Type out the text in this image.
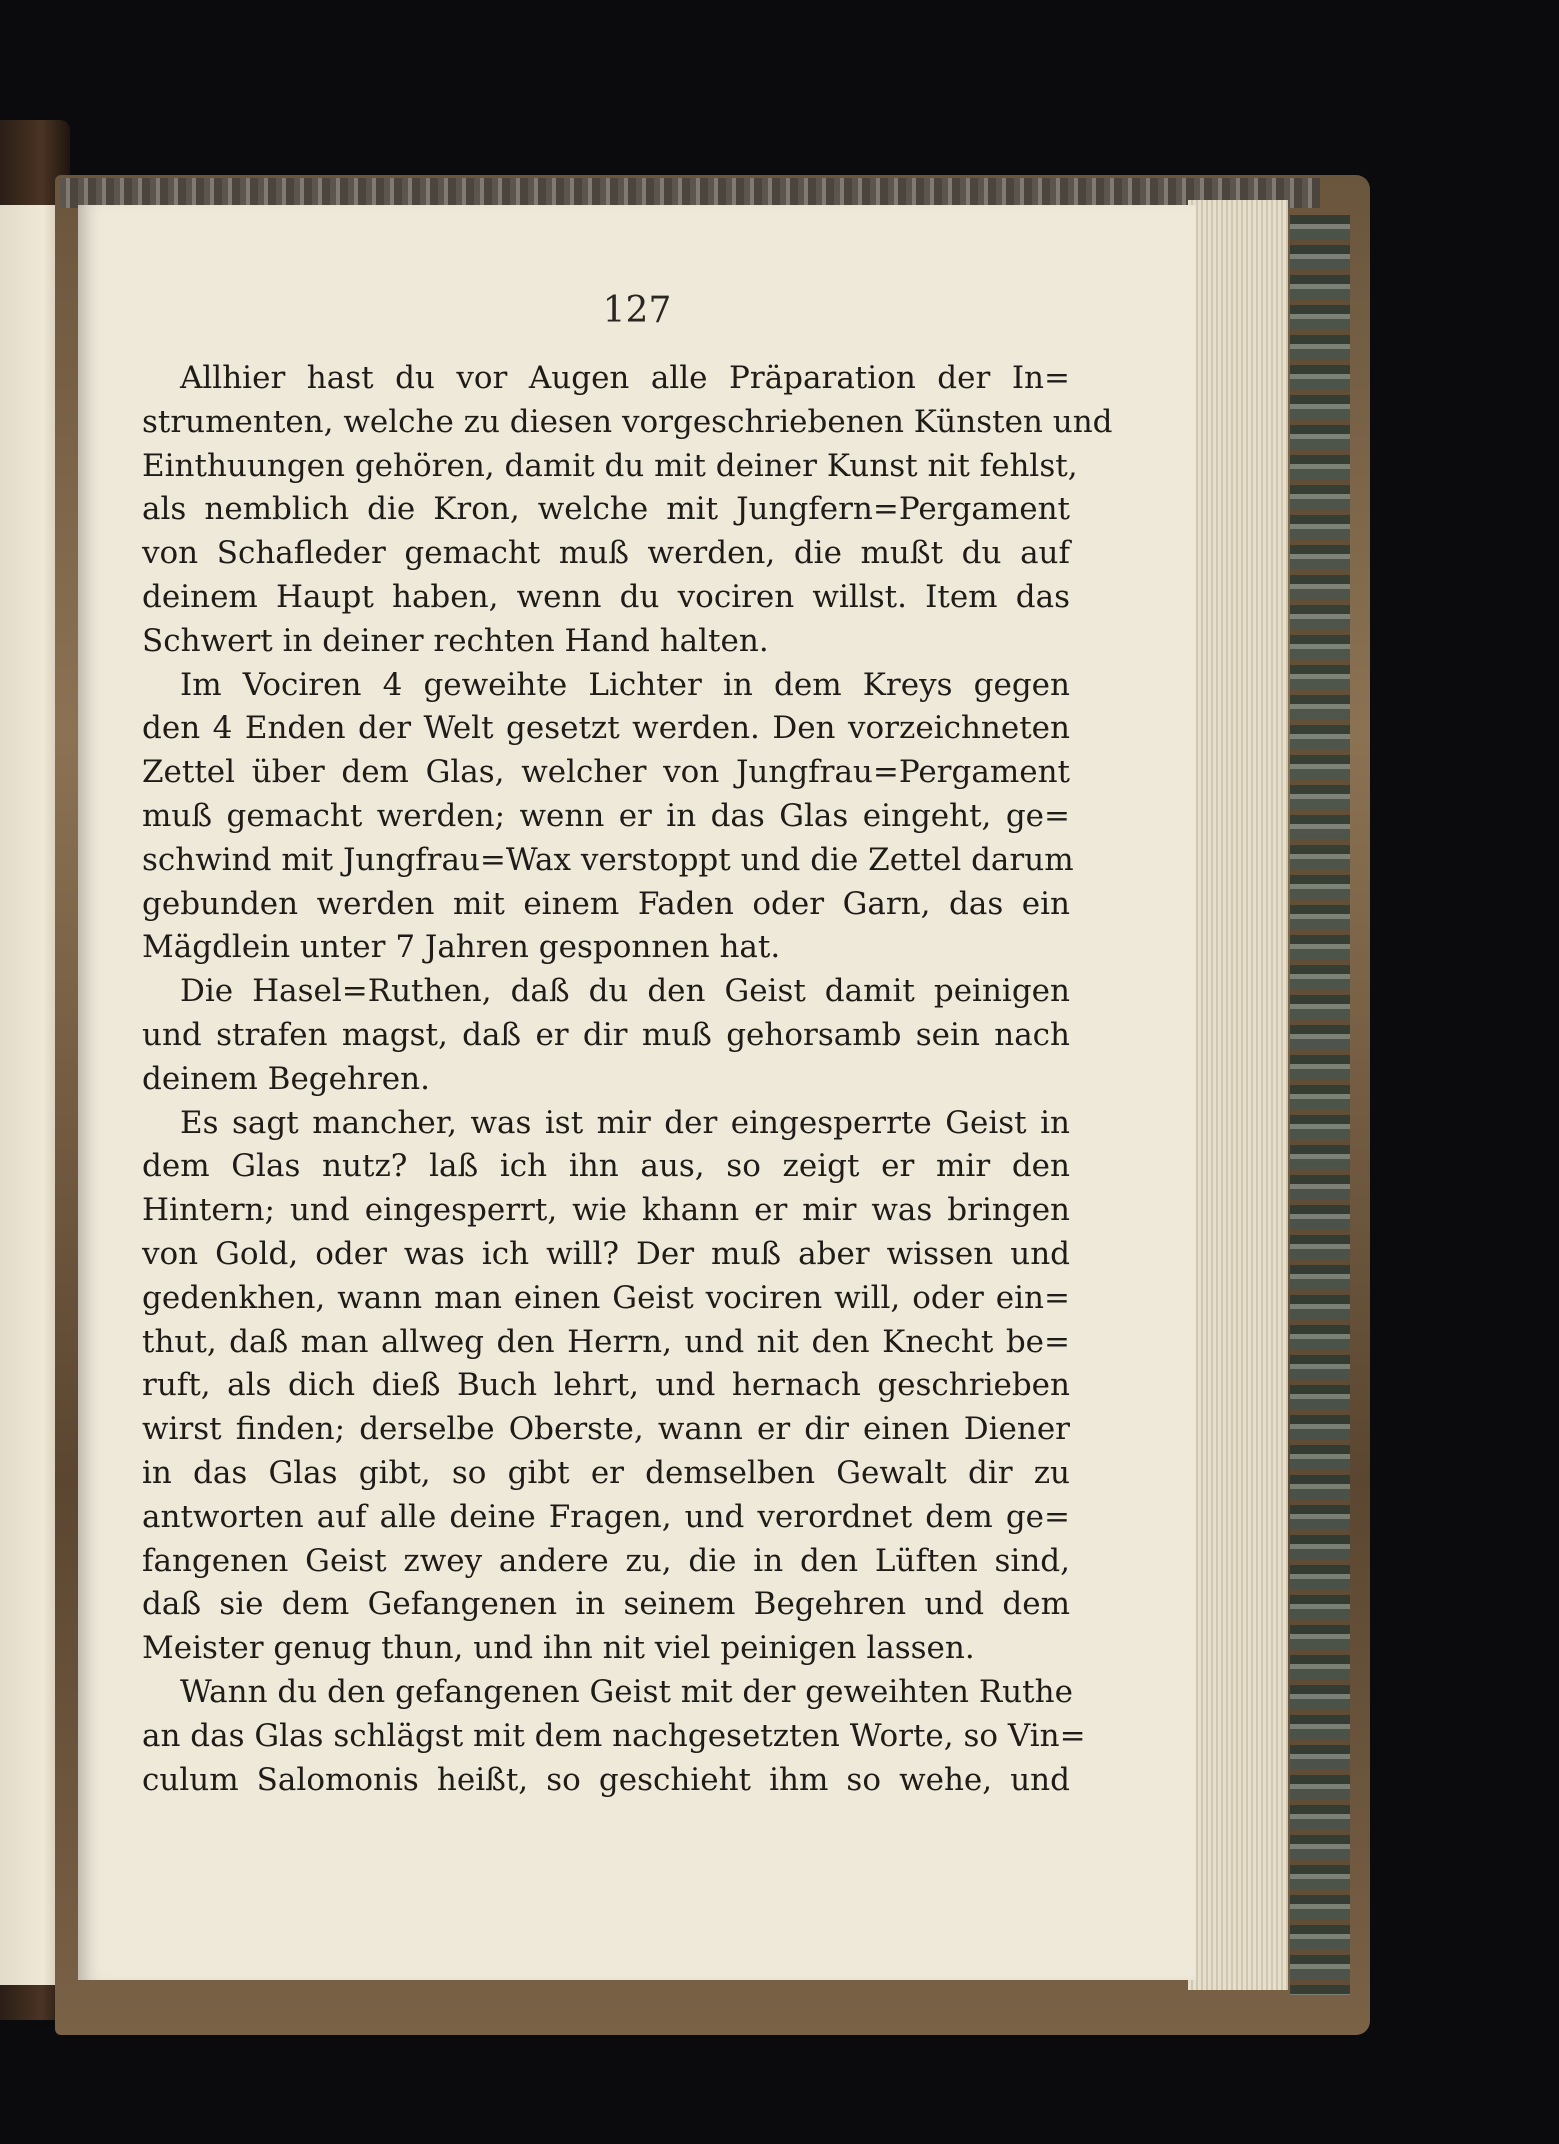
127
Allhier hast du vor Augen alle Präparation der In=
strumenten, welche zu diesen vorgeschriebenen Künsten und
Einthuungen gehören, damit du mit deiner Kunst nit fehlst,
als nemblich die Kron, welche mit Jungfern=Pergament
von Schafleder gemacht muß werden, die mußt du auf
deinem Haupt haben, wenn du vociren willst. Item das
Schwert in deiner rechten Hand halten.
Im Vociren 4 geweihte Lichter in dem Kreys gegen
den 4 Enden der Welt gesetzt werden. Den vorzeichneten
Zettel über dem Glas, welcher von Jungfrau=Pergament
muß gemacht werden; wenn er in das Glas eingeht, ge=
schwind mit Jungfrau=Wax verstoppt und die Zettel darum
gebunden werden mit einem Faden oder Garn, das ein
Mägdlein unter 7 Jahren gesponnen hat.
Die Hasel=Ruthen, daß du den Geist damit peinigen
und strafen magst, daß er dir muß gehorsamb sein nach
deinem Begehren.
Es sagt mancher, was ist mir der eingesperrte Geist in
dem Glas nutz? laß ich ihn aus, so zeigt er mir den
Hintern; und eingesperrt, wie khann er mir was bringen
von Gold, oder was ich will? Der muß aber wissen und
gedenkhen, wann man einen Geist vociren will, oder ein=
thut, daß man allweg den Herrn, und nit den Knecht be=
ruft, als dich dieß Buch lehrt, und hernach geschrieben
wirst finden; derselbe Oberste, wann er dir einen Diener
in das Glas gibt, so gibt er demselben Gewalt dir zu
antworten auf alle deine Fragen, und verordnet dem ge=
fangenen Geist zwey andere zu, die in den Lüften sind,
daß sie dem Gefangenen in seinem Begehren und dem
Meister genug thun, und ihn nit viel peinigen lassen.
Wann du den gefangenen Geist mit der geweihten Ruthe
an das Glas schlägst mit dem nachgesetzten Worte, so Vin=
culum Salomonis heißt, so geschieht ihm so wehe, und
